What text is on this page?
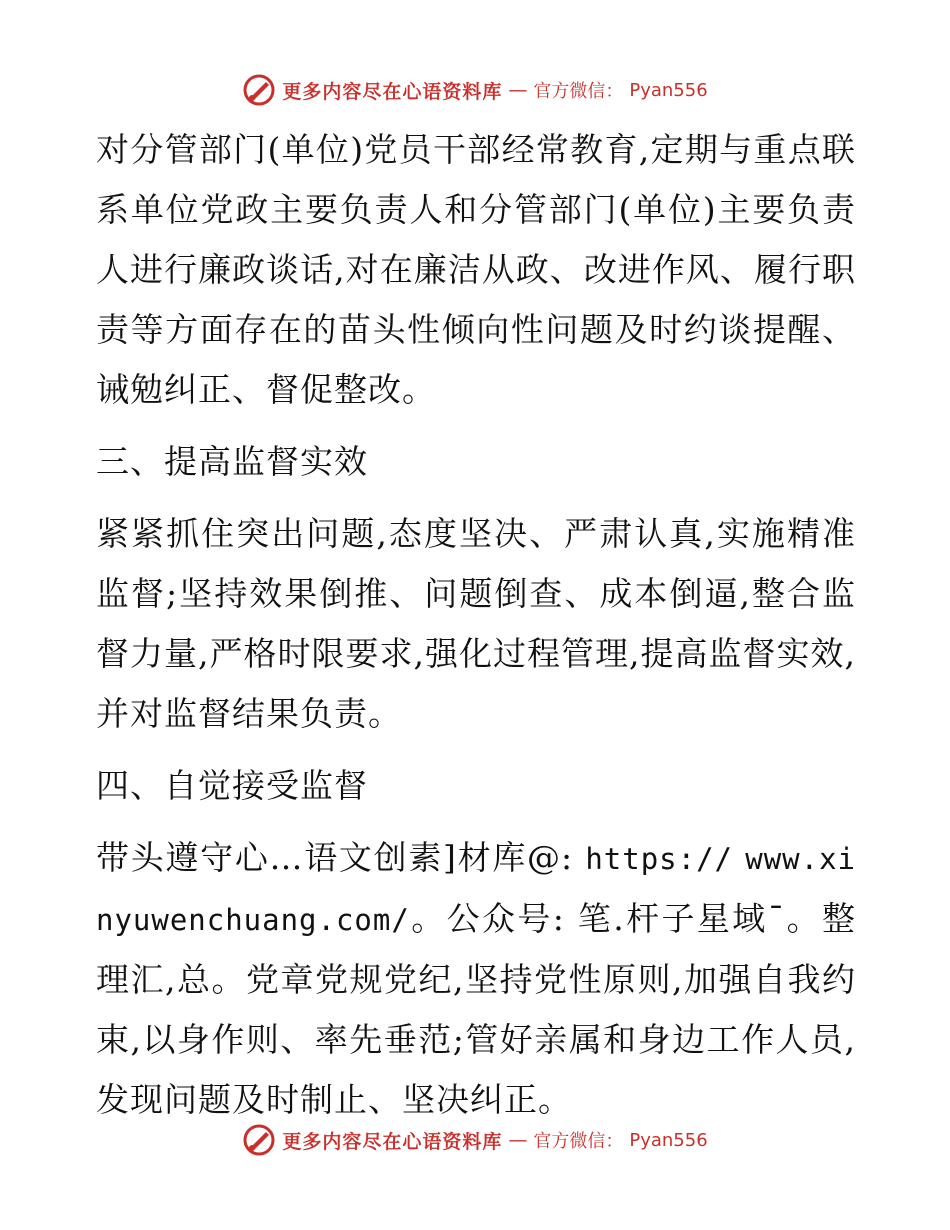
更多内容尽在心语资料库 — 官方微信： Pyan556

对分管部门(单位)党员干部经常教育,定期与重点联系单位党政主要负责人和分管部门(单位)主要负责人进行廉政谈话,对在廉洁从政、改进作风、履行职责等方面存在的苗头性倾向性问题及时约谈提醒、诫勉纠正、督促整改。

三、提高监督实效

紧紧抓住突出问题,态度坚决、严肃认真,实施精准监督;坚持效果倒推、问题倒查、成本倒逼,整合监督力量,严格时限要求,强化过程管理,提高监督实效,并对监督结果负责。

四、自觉接受监督

带头遵守心…语文创素]材库@: https:// www.xinyuwenchuang.com/。公众号: 笔.杆子星域¯。整理汇,总。党章党规党纪,坚持党性原则,加强自我约束,以身作则、率先垂范;管好亲属和身边工作人员,发现问题及时制止、坚决纠正。

更多内容尽在心语资料库 — 官方微信： Pyan556
